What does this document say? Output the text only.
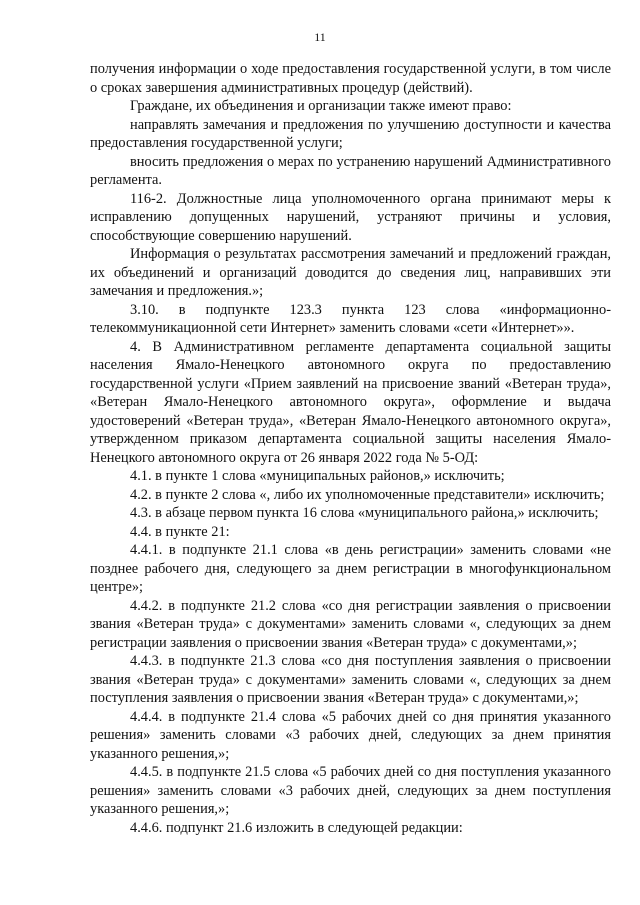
11

получения информации о ходе предоставления государственной услуги, в том числе о сроках завершения административных процедур (действий).

Граждане, их объединения и организации также имеют право:

направлять замечания и предложения по улучшению доступности и качества предоставления государственной услуги;

вносить предложения о мерах по устранению нарушений Административного регламента.

116-2. Должностные лица уполномоченного органа принимают меры к исправлению допущенных нарушений, устраняют причины и условия, способствующие совершению нарушений.

Информация о результатах рассмотрения замечаний и предложений граждан, их объединений и организаций доводится до сведения лиц, направивших эти замечания и предложения.»;

3.10. в подпункте 123.3 пункта 123 слова «информационно-телекоммуникационной сети Интернет» заменить словами «сети «Интернет»».

4. В Административном регламенте департамента социальной защиты населения Ямало-Ненецкого автономного округа по предоставлению государственной услуги «Прием заявлений на присвоение званий «Ветеран труда», «Ветеран Ямало-Ненецкого автономного округа», оформление и выдача удостоверений «Ветеран труда», «Ветеран Ямало-Ненецкого автономного округа», утвержденном приказом департамента социальной защиты населения Ямало-Ненецкого автономного округа от 26 января 2022 года № 5-ОД:

4.1. в пункте 1 слова «муниципальных районов,» исключить;

4.2. в пункте 2 слова «, либо их уполномоченные представители» исключить;

4.3. в абзаце первом пункта 16 слова «муниципального района,» исключить;

4.4. в пункте 21:

4.4.1. в подпункте 21.1 слова «в день регистрации» заменить словами «не позднее рабочего дня, следующего за днем регистрации в многофункциональном центре»;

4.4.2. в подпункте 21.2 слова «со дня регистрации заявления о присвоении звания «Ветеран труда» с документами» заменить словами «, следующих за днем регистрации заявления о присвоении звания «Ветеран труда» с документами,»;

4.4.3. в подпункте 21.3 слова «со дня поступления заявления о присвоении звания «Ветеран труда» с документами» заменить словами «, следующих за днем поступления заявления о присвоении звания «Ветеран труда» с документами,»;

4.4.4. в подпункте 21.4 слова «5 рабочих дней со дня принятия указанного решения» заменить словами «3 рабочих дней, следующих за днем принятия указанного решения,»;

4.4.5. в подпункте 21.5 слова «5 рабочих дней со дня поступления указанного решения» заменить словами «3 рабочих дней, следующих за днем поступления указанного решения,»;

4.4.6. подпункт 21.6 изложить в следующей редакции:
